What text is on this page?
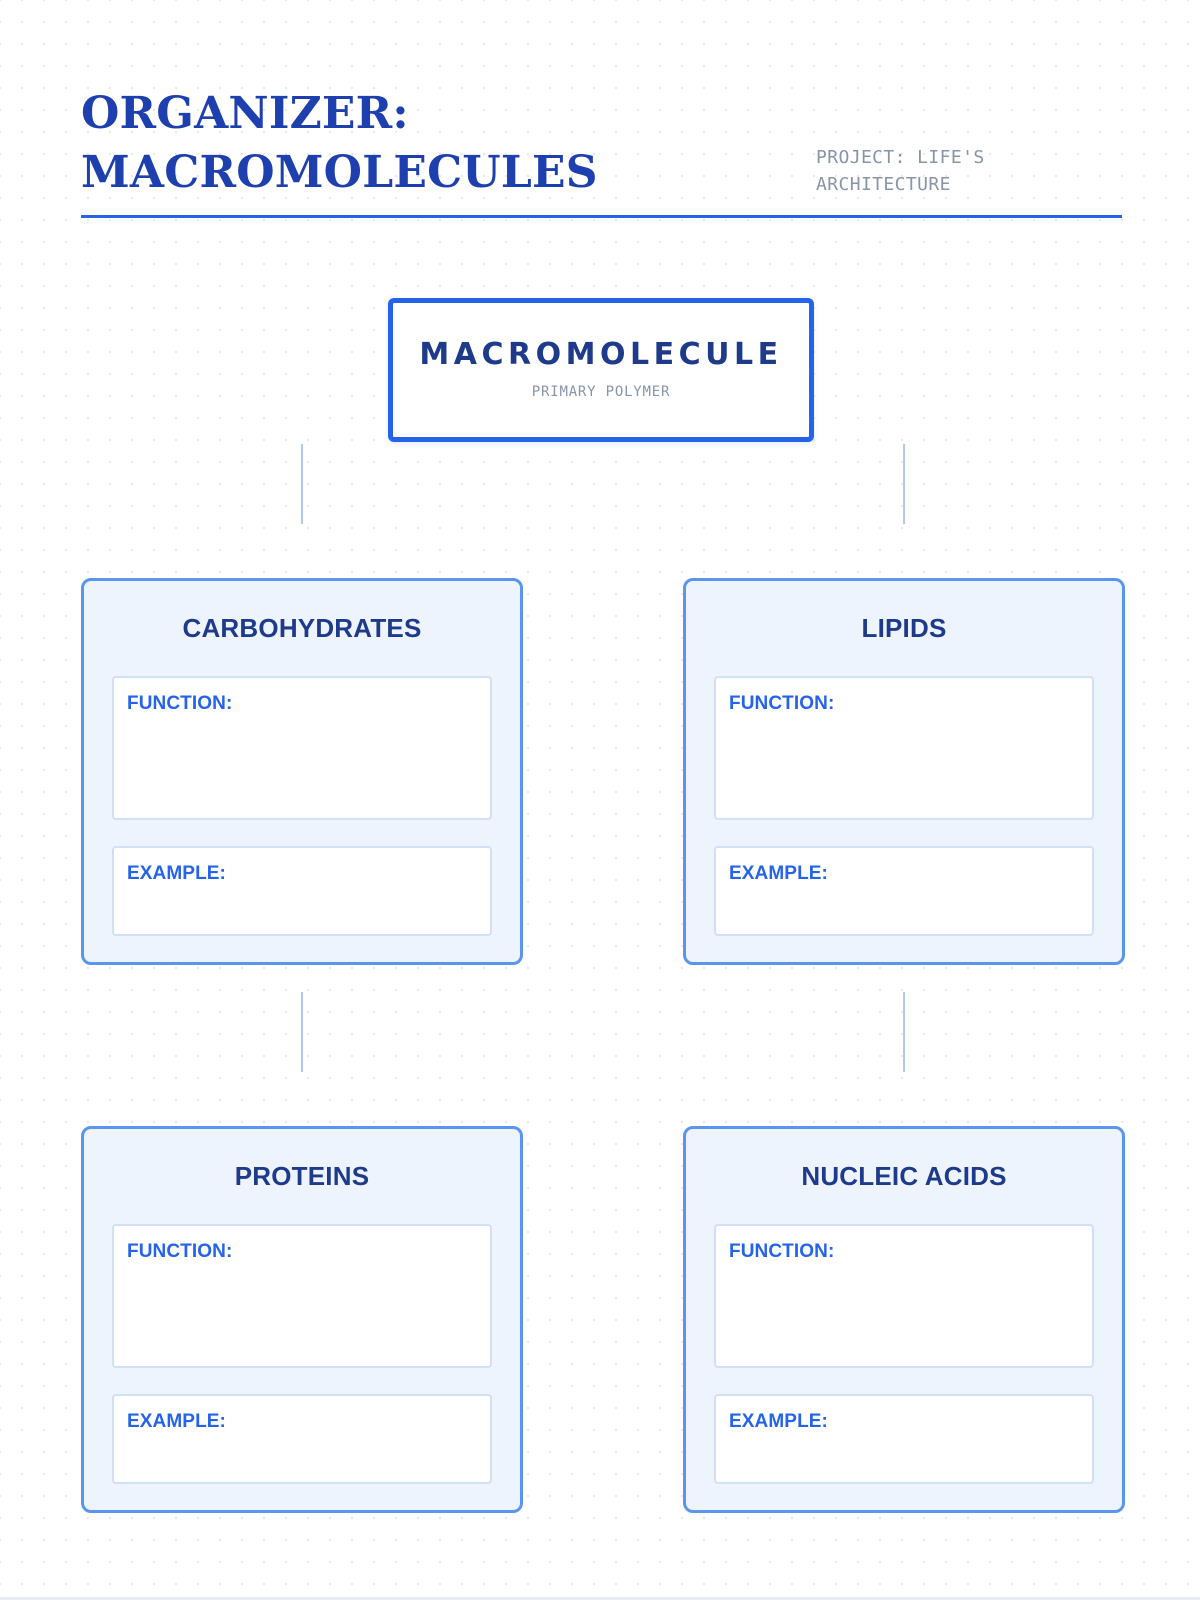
ORGANIZER:
MACROMOLECULES	PROJECT: LIFE'S
ARCHITECTURE
MACROMOLECULE
PRIMARY POLYMER
CARBOHYDRATES
FUNCTION:
EXAMPLE:
LIPIDS
FUNCTION:
EXAMPLE:
PROTEINS
FUNCTION:
EXAMPLE:
NUCLEIC ACIDS
FUNCTION:
EXAMPLE:
